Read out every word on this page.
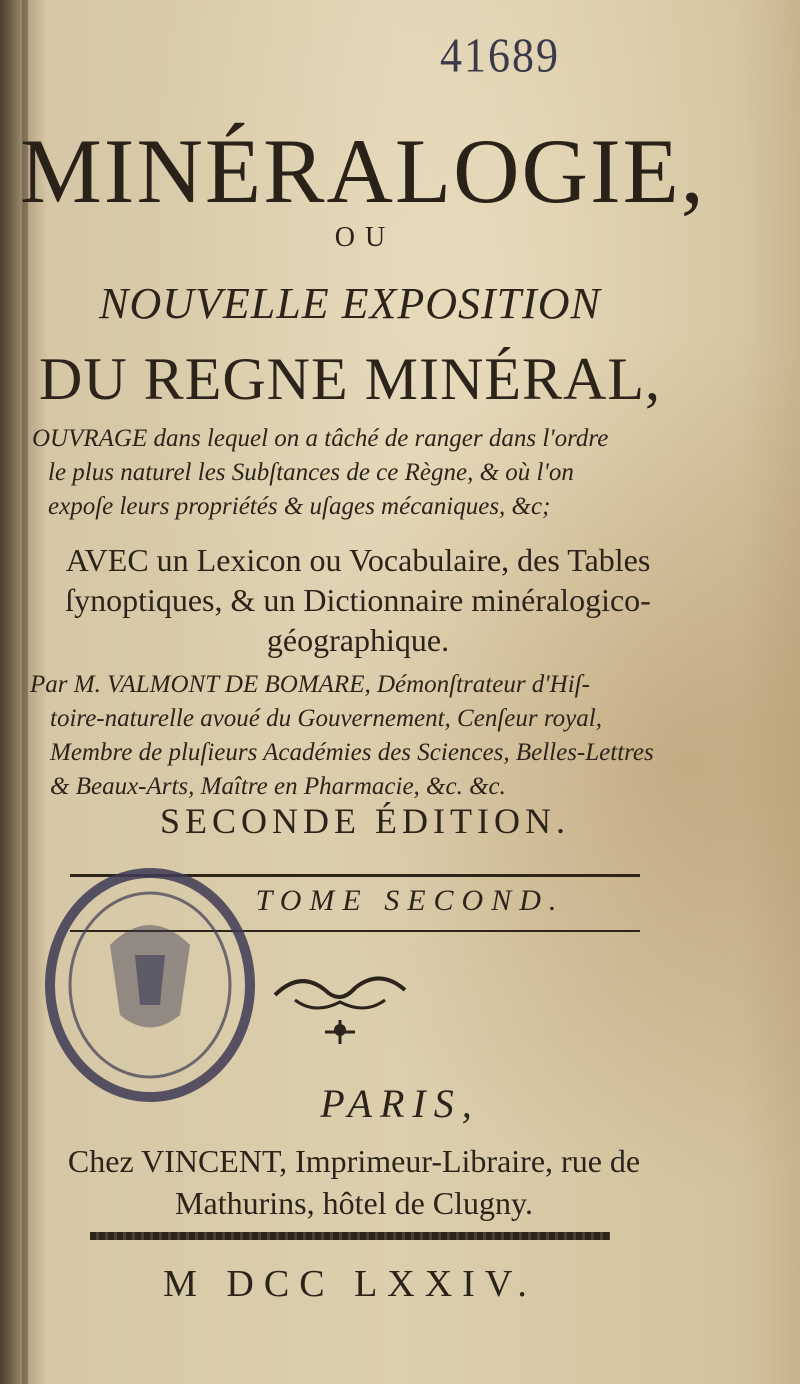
41689
MINÉRALOGIE,
OU
NOUVELLE EXPOSITION
DU REGNE MINÉRAL,
OUVRAGE dans lequel on a tâché de ranger dans l'ordre
le plus naturel les Subſtances de ce Règne, & où l'on
expoſe leurs propriétés & uſages mécaniques, &c;
AVEC un Lexicon ou Vocabulaire, des Tables
ſynoptiques, & un Dictionnaire minéralogico-
géographique.
Par M. VALMONT DE BOMARE, Démonſtrateur d'Hiſ-
toire-naturelle avoué du Gouvernement, Cenſeur royal,
Membre de pluſieurs Académies des Sciences, Belles-Lettres
& Beaux-Arts, Maître en Pharmacie, &c. &c.
SECONDE ÉDITION.
TOME SECOND.
PARIS,
Chez VINCENT, Imprimeur-Libraire, rue de
Mathurins, hôtel de Clugny.
M DCC LXXIV.
